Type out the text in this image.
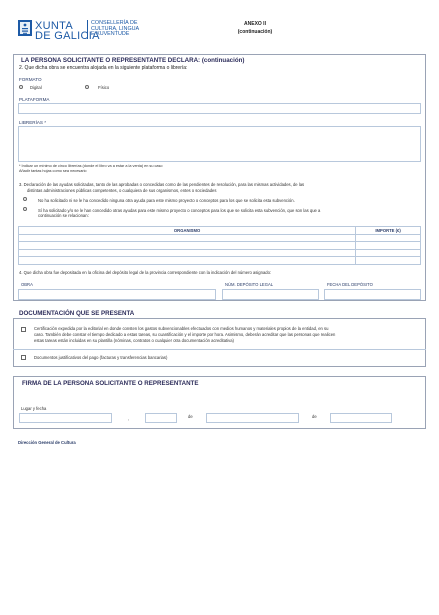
XUNTA
DE GALICIA
CONSELLERÍA DE
CULTURA, LINGUA
E XUVENTUDE
ANEXO II
(continuación)
LA PERSONA SOLICITANTE O REPRESENTANTE DECLARA: (continuación)
2. Que dicha obra se encuentra alojada en la siguiente plataforma o librería:
FORMATO
Digital	Físico
PLATAFORMA
LIBRERÍAS *
* Indicar un mínimo de cinco librerías (donde el libro va a estar a la venta) en su caso
Añadir tantas hojas como sea necesario
3. Declaración de las ayudas solicitadas, tanto de las aprobadas o concedidas como de las pendientes de resolución, para las mismas actividades, de las
distintas administraciones públicas competentes, o cualquiera de sus organismos, entes o sociedades
No ha solicitado ni se le ha concedido ninguna otra ayuda para este mismo proyecto o conceptos para los que se solicita esta subvención.
Sí ha solicitado y/o se le han concedido otras ayudas para este mismo proyecto o conceptos para los que se solicita esta subvención, que son las que a
continuación se relacionan:
ORGANISMO	IMPORTE (€)

4. Que dicha obra fue depositada en la oficina del depósito legal de la provincia correspondiente con la indicación del número asignado:
OBRA	NÚM. DEPÓSITO LEGAL	FECHA DEL DEPÓSITO
DOCUMENTACIÓN QUE SE PRESENTA
Certificación expedida por la editorial en donde consten los gastos subvencionables efectuados con medios humanos y materiales propios de la entidad, en su
caso. También debe constar el tiempo dedicado a estas tareas, su cuantificación y el importe por hora. Asimismo, deberán acreditar que las personas que realicen
estas tareas están incluidas en su plantilla (nóminas, contratos o cualquier otra documentación acreditativa)
Documentos justificativos del pago (facturas y transferencias bancarias)
FIRMA DE LA PERSONA SOLICITANTE O REPRESENTANTE
Lugar y fecha
,	de	de
Dirección General de Cultura
